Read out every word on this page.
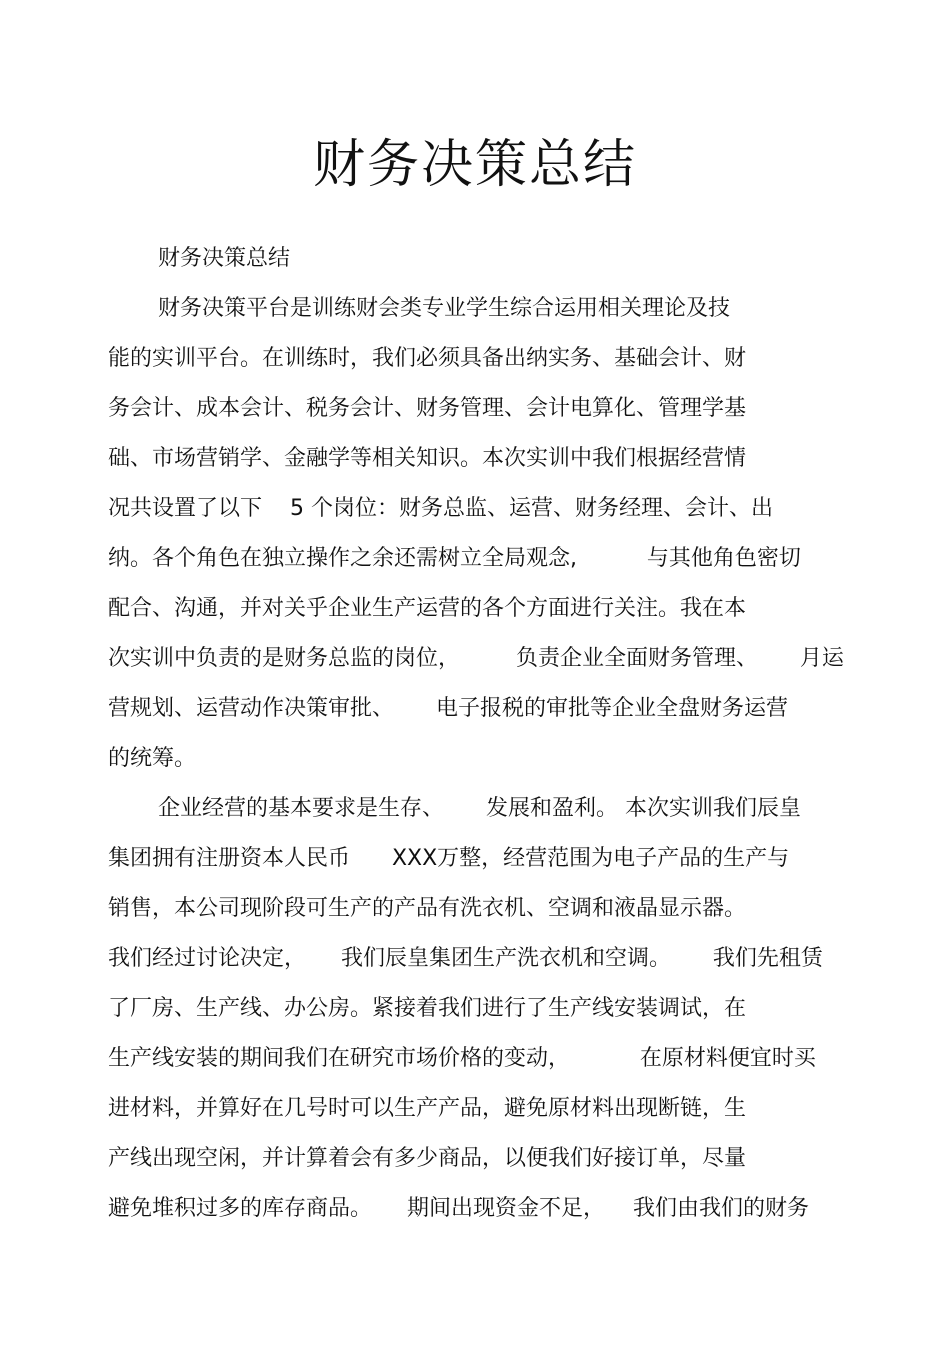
财务决策总结
财务决策总结
财务决策平台是训练财会类专业学生综合运用相关理论及技
能的实训平台。在训练时，我们必须具备出纳实务、基础会计、财
务会计、成本会计、税务会计、财务管理、会计电算化、管理学基
础、市场营销学、金融学等相关知识。本次实训中我们根据经营情
况共设置了以下    5 个岗位：财务总监、运营、财务经理、会计、出
纳。各个角色在独立操作之余还需树立全局观念,          与其他角色密切
配合、沟通，并对关乎企业生产运营的各个方面进行关注。我在本
次实训中负责的是财务总监的岗位，        负责企业全面财务管理、      月运
营规划、运营动作决策审批、      电子报税的审批等企业全盘财务运营
的统筹。
企业经营的基本要求是生存、      发展和盈利。 本次实训我们辰皇
集团拥有注册资本人民币      XXX万整，经营范围为电子产品的生产与
销售，本公司现阶段可生产的产品有洗衣机、空调和液晶显示器。
我们经过讨论决定，     我们辰皇集团生产洗衣机和空调。      我们先租赁
了厂房、生产线、办公房。紧接着我们进行了生产线安装调试，在
生产线安装的期间我们在研究市场价格的变动，          在原材料便宜时买
进材料，并算好在几号时可以生产产品，避免原材料出现断链，生
产线出现空闲，并计算着会有多少商品，以便我们好接订单，尽量
避免堆积过多的库存商品。     期间出现资金不足，    我们由我们的财务
